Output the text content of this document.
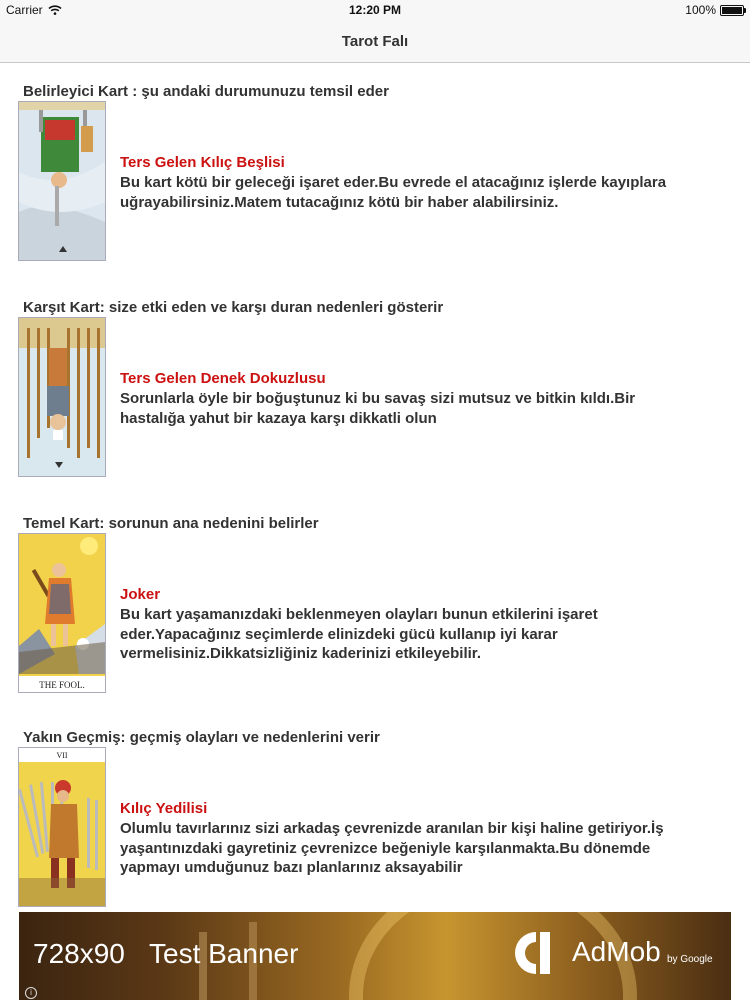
Carrier	12:20 PM	100%
Tarot Falı
Belirleyici Kart : şu andaki durumunuzu temsil eder
Ters Gelen Kılıç Beşlisi
Bu kart kötü bir geleceği işaret eder.Bu evrede el atacağınız işlerde kayıplara uğrayabilirsiniz.Matem tutacağınız kötü bir haber alabilirsiniz.
Karşıt Kart: size etki eden ve karşı duran nedenleri gösterir
Ters Gelen Denek Dokuzlusu
Sorunlarla öyle bir boğuştunuz ki bu savaş sizi mutsuz ve bitkin kıldı.Bir hastalığa yahut bir kazaya karşı dikkatli olun
Temel Kart: sorunun ana nedenini belirler
THE FOOL.
Joker
Bu kart yaşamanızdaki beklenmeyen olayları bunun etkilerini işaret eder.Yapacağınız seçimlerde elinizdeki gücü kullanıp iyi karar vermelisiniz.Dikkatsizliğiniz kaderinizi etkileyebilir.
Yakın Geçmiş: geçmiş olayları ve nedenlerini verir
VII
Kılıç Yedilisi
Olumlu tavırlarınız sizi arkadaş çevrenizde aranılan bir kişi haline getiriyor.İş yaşantınızdaki gayretiniz çevrenizce beğeniyle karşılanmakta.Bu dönemde yapmayı umduğunuz bazı planlarınız aksayabilir
728x90 Test Banner	AdMob by Google
i
